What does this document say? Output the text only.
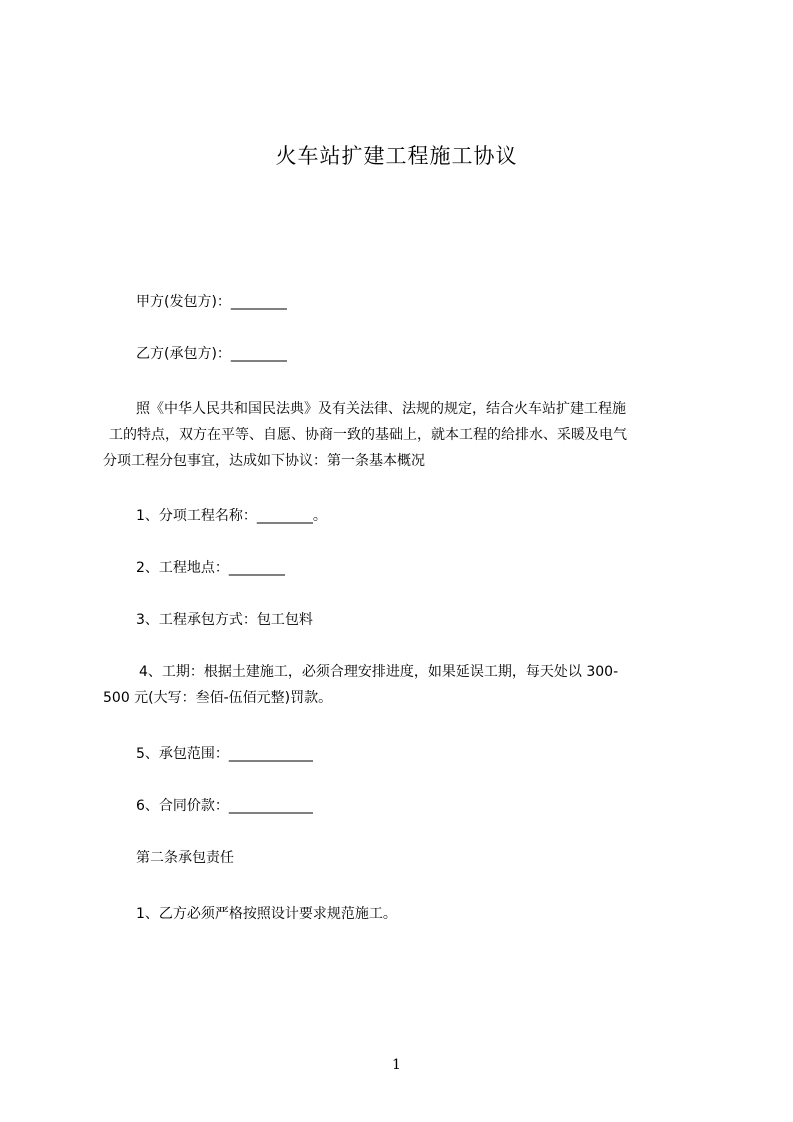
火车站扩建工程施工协议
甲方(发包方)：________
乙方(承包方)：________
照《中华人民共和国民法典》及有关法律、法规的规定，结合火车站扩建工程施
工的特点，双方在平等、自愿、协商一致的基础上，就本工程的给排水、采暖及电气
分项工程分包事宜，达成如下协议：第一条基本概况
1、分项工程名称：________。
2、工程地点：________
3、工程承包方式：包工包料
4、工期：根据土建施工，必须合理安排进度，如果延误工期，每天处以 300-
500 元(大写：叁佰-伍佰元整)罚款。
5、承包范围：____________
6、合同价款：____________
第二条承包责任
1、乙方必须严格按照设计要求规范施工。
1
